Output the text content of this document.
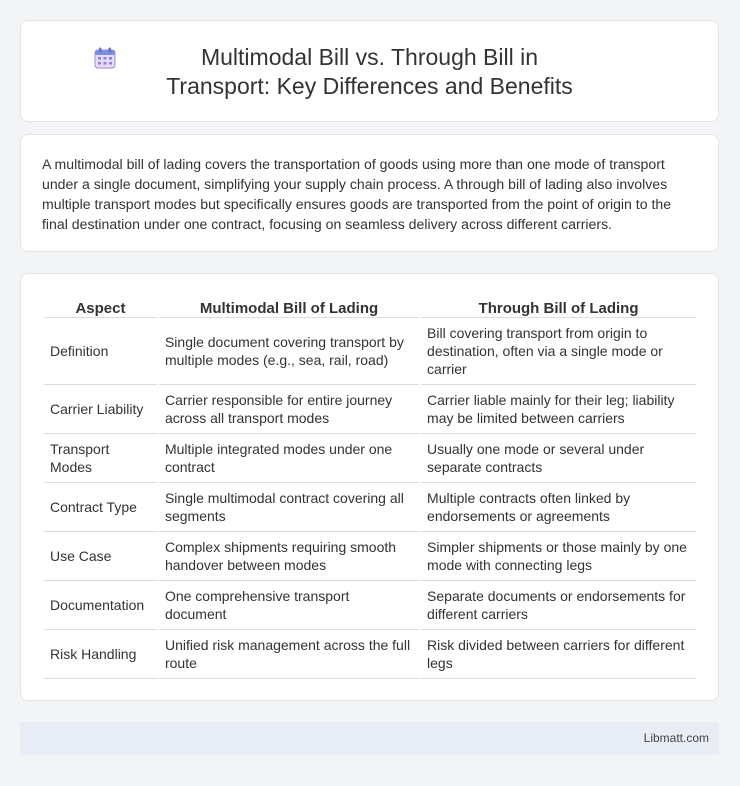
Multimodal Bill vs. Through Bill in Transport: Key Differences and Benefits

A multimodal bill of lading covers the transportation of goods using more than one mode of transport under a single document, simplifying your supply chain process. A through bill of lading also involves multiple transport modes but specifically ensures goods are transported from the point of origin to the final destination under one contract, focusing on seamless delivery across different carriers.

Aspect	Multimodal Bill of Lading	Through Bill of Lading
Definition	Single document covering transport by multiple modes (e.g., sea, rail, road)	Bill covering transport from origin to destination, often via a single mode or carrier
Carrier Liability	Carrier responsible for entire journey across all transport modes	Carrier liable mainly for their leg; liability may be limited between carriers
Transport Modes	Multiple integrated modes under one contract	Usually one mode or several under separate contracts
Contract Type	Single multimodal contract covering all segments	Multiple contracts often linked by endorsements or agreements
Use Case	Complex shipments requiring smooth handover between modes	Simpler shipments or those mainly by one mode with connecting legs
Documentation	One comprehensive transport document	Separate documents or endorsements for different carriers
Risk Handling	Unified risk management across the full route	Risk divided between carriers for different legs
Libmatt.com
